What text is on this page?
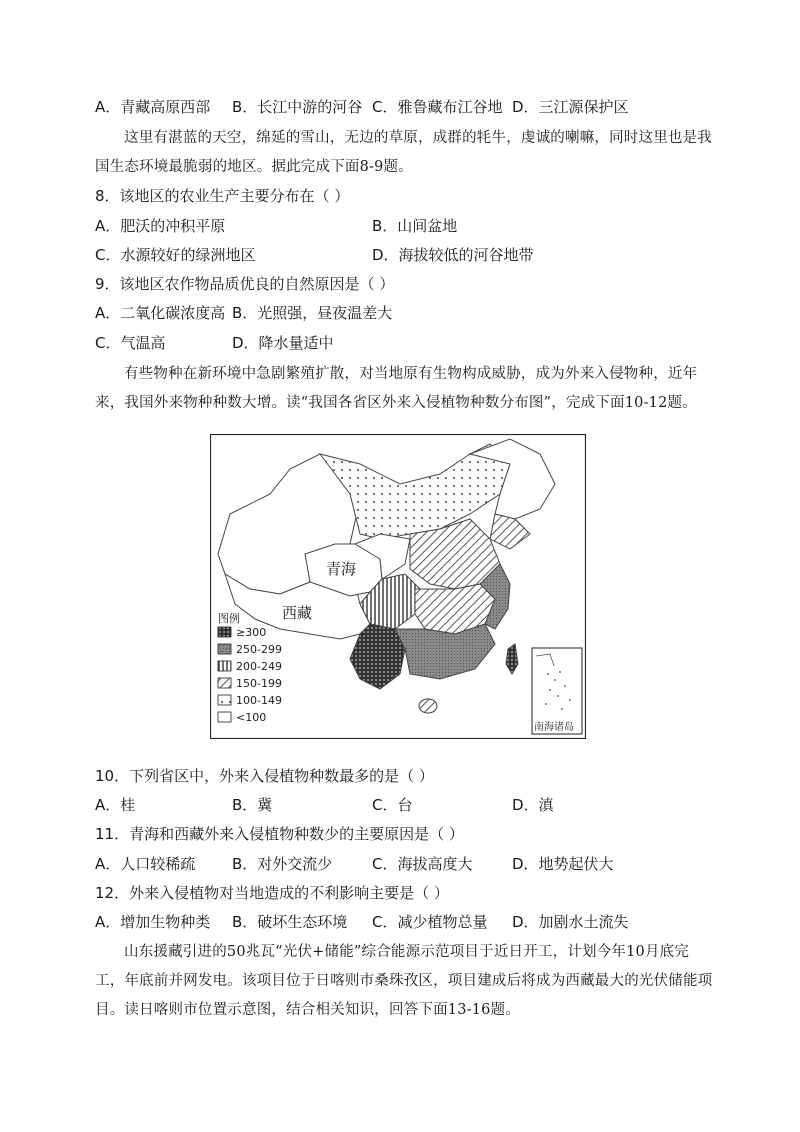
A．青藏高原西部 B．长江中游的河谷 C．雅鲁藏布江谷地 D．三江源保护区
这里有湛蓝的天空，绵延的雪山，无边的草原，成群的牦牛，虔诚的喇嘛，同时这里也是我国生态环境最脆弱的地区。据此完成下面8-9题。
8．该地区的农业生产主要分布在（ ）
A．肥沃的冲积平原	B．山间盆地
C．水源较好的绿洲地区	D．海拔较低的河谷地带
9．该地区农作物品质优良的自然原因是（ ）
A．二氧化碳浓度高 B．光照强，昼夜温差大
C．气温高	D．降水量适中
有些物种在新环境中急剧繁殖扩散，对当地原有生物构成威胁，成为外来入侵物种，近年来，我国外来物种种数大增。读“我国各省区外来入侵植物种数分布图”，完成下面10-12题。
青海
西藏
图例
≥300
250-299
200-249
150-199
100-149
<100
南海诸岛
10．下列省区中，外来入侵植物种数最多的是（ ）
A．桂	B．冀	C．台	D．滇
11．青海和西藏外来入侵植物种数少的主要原因是（ ）
A．人口较稀疏 B．对外交流少	C．海拔高度大	D．地势起伏大
12．外来入侵植物对当地造成的不利影响主要是（ ）
A．增加生物种类 B．破坏生态环境 C．减少植物总量 D．加剧水土流失
山东援藏引进的50兆瓦“光伏+储能”综合能源示范项目于近日开工，计划今年10月底完工，年底前并网发电。该项目位于日喀则市桑珠孜区，项目建成后将成为西藏最大的光伏储能项目。读日喀则市位置示意图，结合相关知识，回答下面13-16题。
